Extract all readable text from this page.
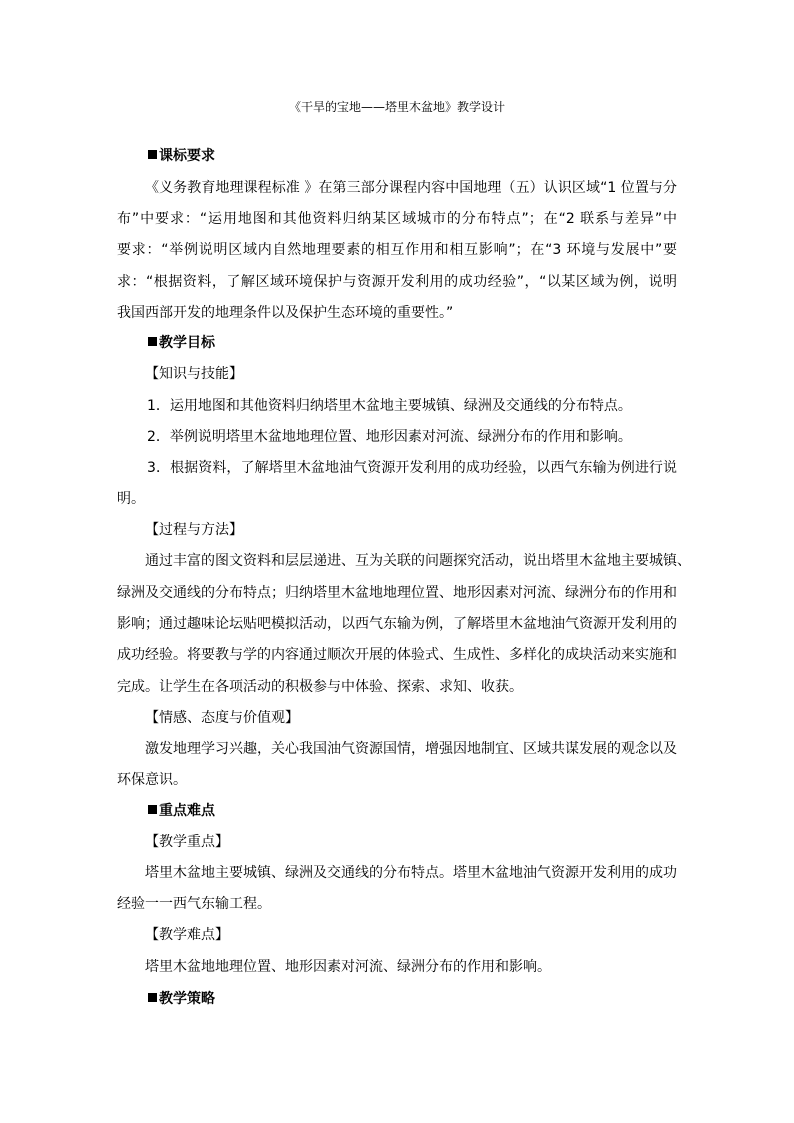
《干旱的宝地——塔里木盆地》教学设计
课标要求
《义务教育地理课程标准 》在第三部分课程内容中国地理（五）认识区域“1 位置与分
布”中要求：“运用地图和其他资料归纳某区域城市的分布特点”；在“2 联系与差异”中
要求：“举例说明区域内自然地理要素的相互作用和相互影响”；在“3 环境与发展中”要
求：“根据资料，了解区域环境保护与资源开发利用的成功经验”，“以某区域为例，说明
我国西部开发的地理条件以及保护生态环境的重要性。”
教学目标
【知识与技能】
1．运用地图和其他资料归纳塔里木盆地主要城镇、绿洲及交通线的分布特点。
2．举例说明塔里木盆地地理位置、地形因素对河流、绿洲分布的作用和影响。
3．根据资料，了解塔里木盆地油气资源开发利用的成功经验，以西气东输为例进行说
明。
【过程与方法】
通过丰富的图文资料和层层递进、互为关联的问题探究活动，说出塔里木盆地主要城镇、
绿洲及交通线的分布特点；归纳塔里木盆地地理位置、地形因素对河流、绿洲分布的作用和
影响；通过趣味论坛贴吧模拟活动，以西气东输为例，了解塔里木盆地油气资源开发利用的
成功经验。将要教与学的内容通过顺次开展的体验式、生成性、多样化的成块活动来实施和
完成。让学生在各项活动的积极参与中体验、探索、求知、收获。
【情感、态度与价值观】
激发地理学习兴趣，关心我国油气资源国情，增强因地制宜、区域共谋发展的观念以及
环保意识。
重点难点
【教学重点】
塔里木盆地主要城镇、绿洲及交通线的分布特点。塔里木盆地油气资源开发利用的成功
经验一一西气东输工程。
【教学难点】
塔里木盆地地理位置、地形因素对河流、绿洲分布的作用和影响。
教学策略
